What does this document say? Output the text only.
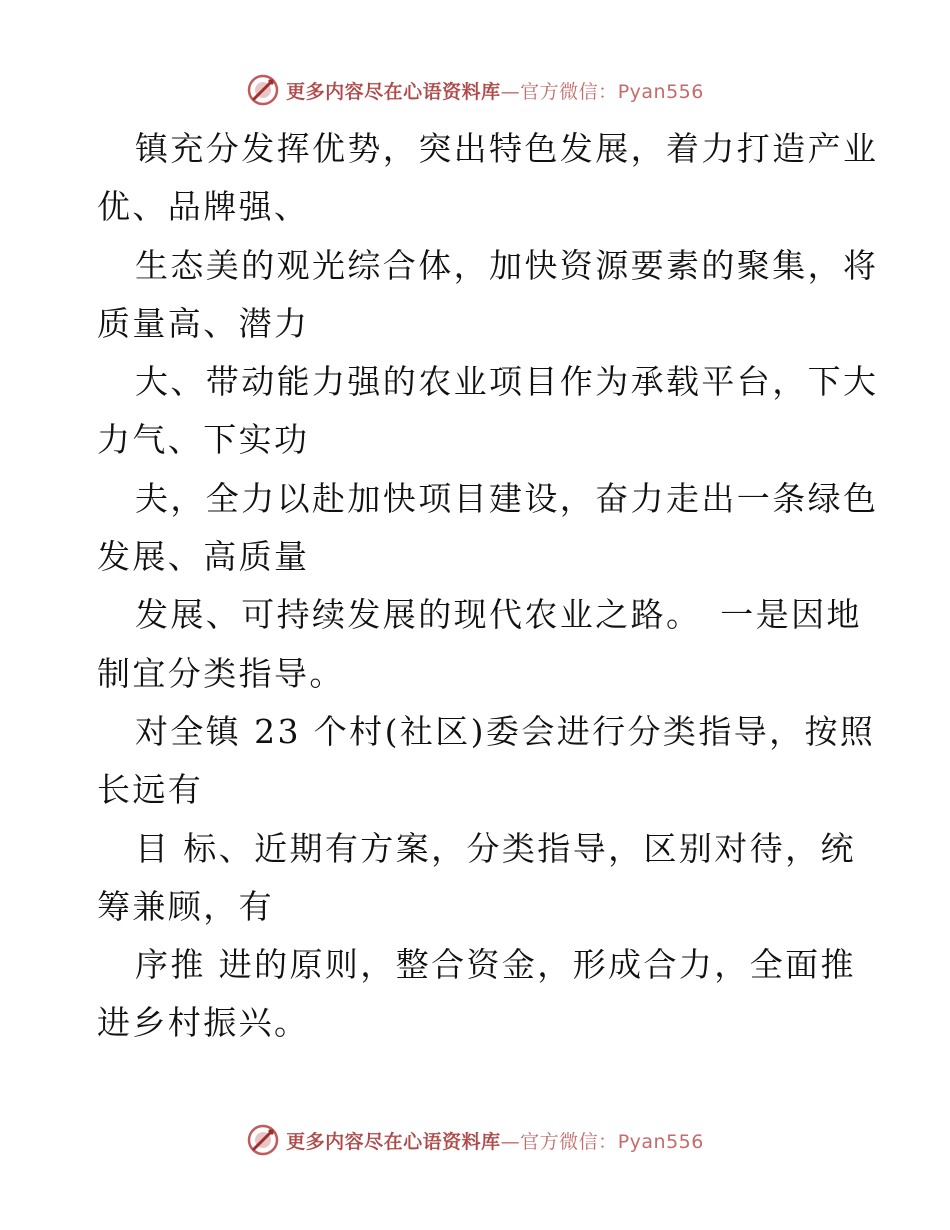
更多内容尽在心语资料库—官方微信：Pyan556
镇充分发挥优势，突出特色发展，着力打造产业
优、品牌强、
生态美的观光综合体，加快资源要素的聚集，将
质量高、潜力
大、带动能力强的农业项目作为承载平台，下大
力气、下实功
夫，全力以赴加快项目建设，奋力走出一条绿色
发展、高质量
发展、可持续发展的现代农业之路。　一是因地
制宜分类指导。
对全镇 23 个村(社区)委会进行分类指导，按照
长远有
目 标、近期有方案，分类指导，区别对待，统
筹兼顾，有
序推 进的原则，整合资金，形成合力，全面推
进乡村振兴。
更多内容尽在心语资料库—官方微信：Pyan556
